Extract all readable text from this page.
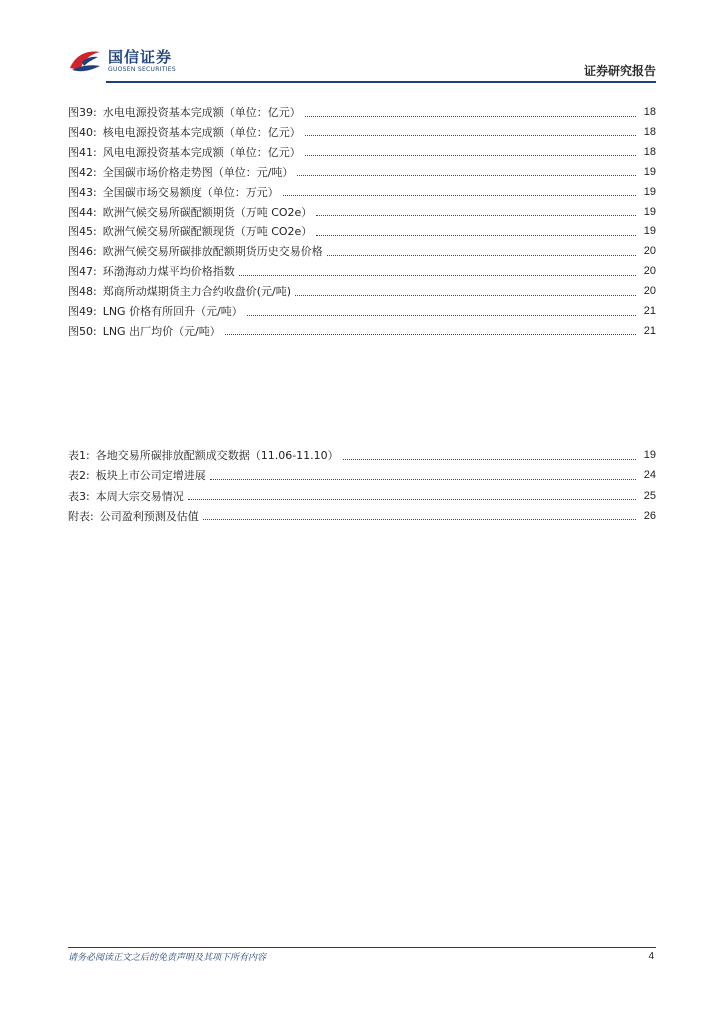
国信证券
GUOSEN SECURITIES	证券研究报告
图39: 水电电源投资基本完成额（单位：亿元）	18
图40: 核电电源投资基本完成额（单位：亿元）	18
图41: 风电电源投资基本完成额（单位：亿元）	18
图42: 全国碳市场价格走势图（单位：元/吨）	19
图43: 全国碳市场交易额度（单位：万元）	19
图44: 欧洲气候交易所碳配额期货（万吨 CO2e）	19
图45: 欧洲气候交易所碳配额现货（万吨 CO2e）	19
图46: 欧洲气候交易所碳排放配额期货历史交易价格	20
图47: 环渤海动力煤平均价格指数	20
图48: 郑商所动煤期货主力合约收盘价(元/吨)	20
图49: LNG 价格有所回升（元/吨）	21
图50: LNG 出厂均价（元/吨）	21
表1: 各地交易所碳排放配额成交数据（11.06-11.10）	19
表2: 板块上市公司定增进展	24
表3: 本周大宗交易情况	25
附表: 公司盈利预测及估值	26
请务必阅读正文之后的免责声明及其项下所有内容	4
